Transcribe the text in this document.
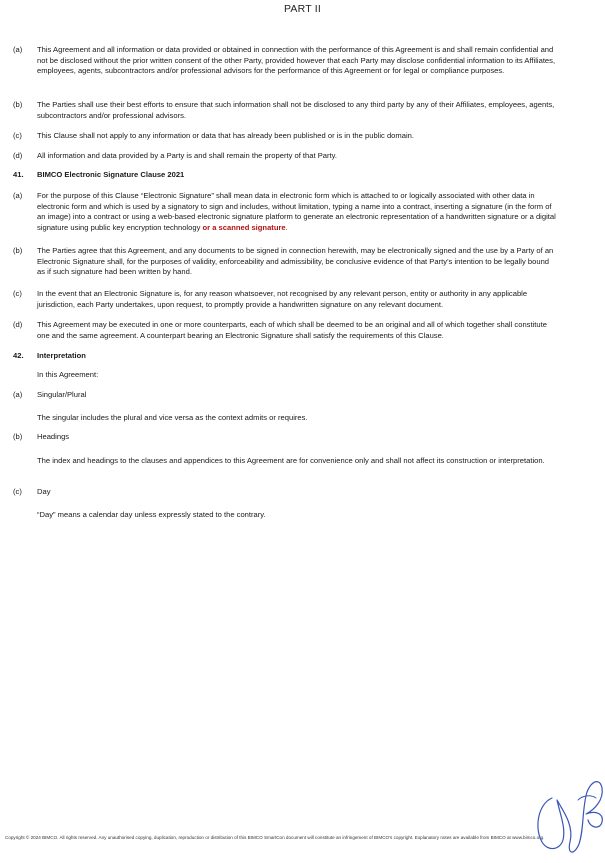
PART II
(a) This Agreement and all information or data provided or obtained in connection with the performance of this Agreement is and shall remain confidential and not be disclosed without the prior written consent of the other Party, provided however that each Party may disclose confidential information to its Affiliates, employees, agents, subcontractors and/or professional advisors for the performance of this Agreement or for legal or compliance purposes.
(b) The Parties shall use their best efforts to ensure that such information shall not be disclosed to any third party by any of their Affiliates, employees, agents, subcontractors and/or professional advisors.
(c) This Clause shall not apply to any information or data that has already been published or is in the public domain.
(d) All information and data provided by a Party is and shall remain the property of that Party.
41. BIMCO Electronic Signature Clause 2021
(a) For the purpose of this Clause “Electronic Signature” shall mean data in electronic form which is attached to or logically associated with other data in electronic form and which is used by a signatory to sign and includes, without limitation, typing a name into a contract, inserting a signature (in the form of an image) into a contract or using a web-based electronic signature platform to generate an electronic representation of a handwritten signature or a digital signature using public key encryption technology or a scanned signature.
(b) The Parties agree that this Agreement, and any documents to be signed in connection herewith, may be electronically signed and the use by a Party of an Electronic Signature shall, for the purposes of validity, enforceability and admissibility, be conclusive evidence of that Party’s intention to be legally bound as if such signature had been written by hand.
(c) In the event that an Electronic Signature is, for any reason whatsoever, not recognised by any relevant person, entity or authority in any applicable jurisdiction, each Party undertakes, upon request, to promptly provide a handwritten signature on any relevant document.
(d) This Agreement may be executed in one or more counterparts, each of which shall be deemed to be an original and all of which together shall constitute one and the same agreement. A counterpart bearing an Electronic Signature shall satisfy the requirements of this Clause.
42. Interpretation
In this Agreement:
(a) Singular/Plural
The singular includes the plural and vice versa as the context admits or requires.
(b) Headings
The index and headings to the clauses and appendices to this Agreement are for convenience only and shall not affect its construction or interpretation.
(c) Day
“Day” means a calendar day unless expressly stated to the contrary.
Copyright © 2024 BIMCO. All rights reserved. Any unauthorised copying, duplication, reproduction or distribution of this BIMCO SmartCon document will constitute an infringement of BIMCO’s copyright. Explanatory notes are available from BIMCO at www.bimco.org.
